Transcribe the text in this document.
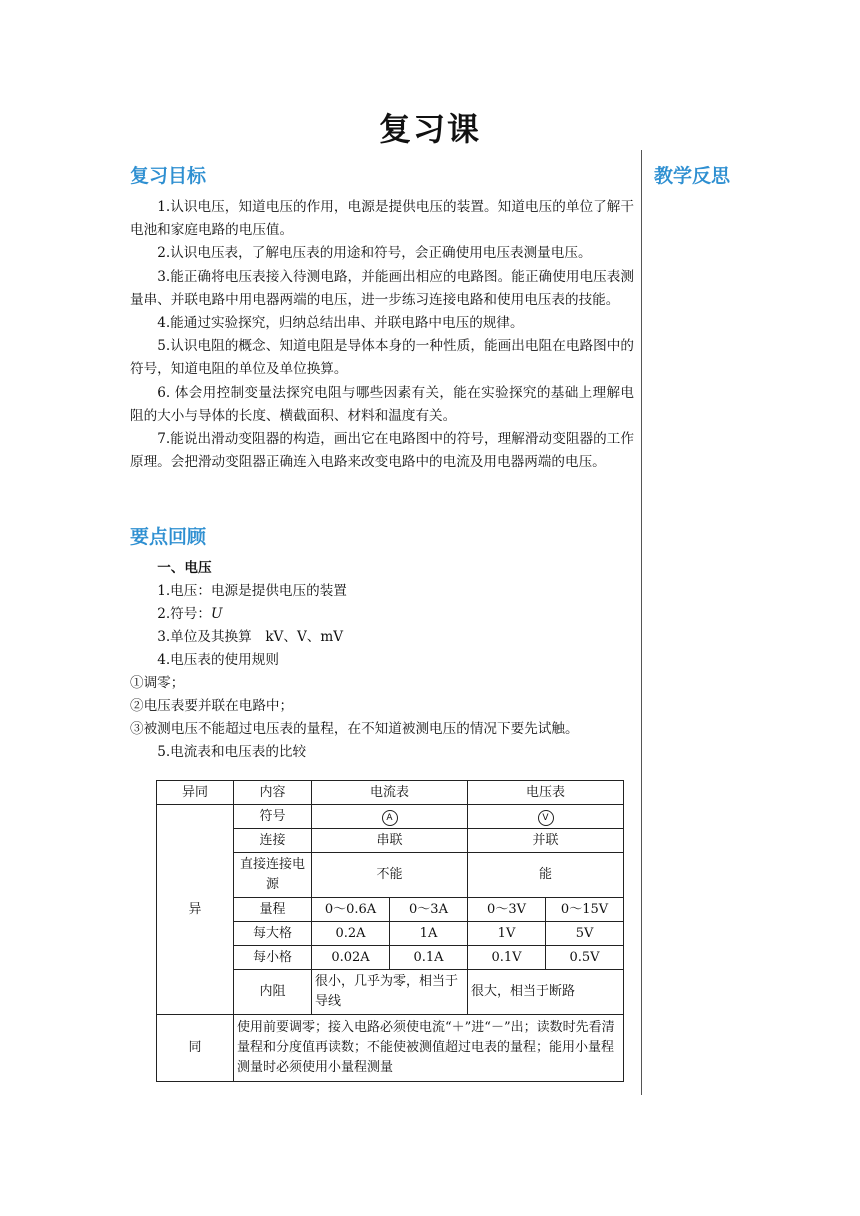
复习课
复习目标	教学反思

1.认识电压，知道电压的作用，电源是提供电压的装置。知道电压的单位了解干电池和家庭电路的电压值。

2.认识电压表，了解电压表的用途和符号，会正确使用电压表测量电压。

3.能正确将电压表接入待测电路，并能画出相应的电路图。能正确使用电压表测量串、并联电路中用电器两端的电压，进一步练习连接电路和使用电压表的技能。

4.能通过实验探究，归纳总结出串、并联电路中电压的规律。

5.认识电阻的概念、知道电阻是导体本身的一种性质，能画出电阻在电路图中的符号，知道电阻的单位及单位换算。

6. 体会用控制变量法探究电阻与哪些因素有关，能在实验探究的基础上理解电阻的大小与导体的长度、横截面积、材料和温度有关。

7.能说出滑动变阻器的构造，画出它在电路图中的符号，理解滑动变阻器的工作原理。会把滑动变阻器正确连入电路来改变电路中的电流及用电器两端的电压。

要点回顾

一、电压

1.电压：电源是提供电压的装置

2.符号：U

3.单位及其换算　kV、V、mV

4.电压表的使用规则

①调零；

②电压表要并联在电路中；

③被测电压不能超过电压表的量程，在不知道被测电压的情况下要先试触。

5.电流表和电压表的比较

异同	内容	电流表		电压表	
异	符号	A		V	
	连接	串联		并联	
	直接连接电源	不能		能	
	量程	0～0.6A	0～3A	0～3V	0～15V
	每大格	0.2A	1A	1V	5V
	每小格	0.02A	0.1A	0.1V	0.5V
	内阻	很小，几乎为零，相当于导线		很大，相当于断路	
同	使用前要调零；接入电路必须使电流“＋”进“－”出；读数时先看清量程和分度值再读数；不能使被测值超过电表的量程；能用小量程测量时必须使用小量程测量				
